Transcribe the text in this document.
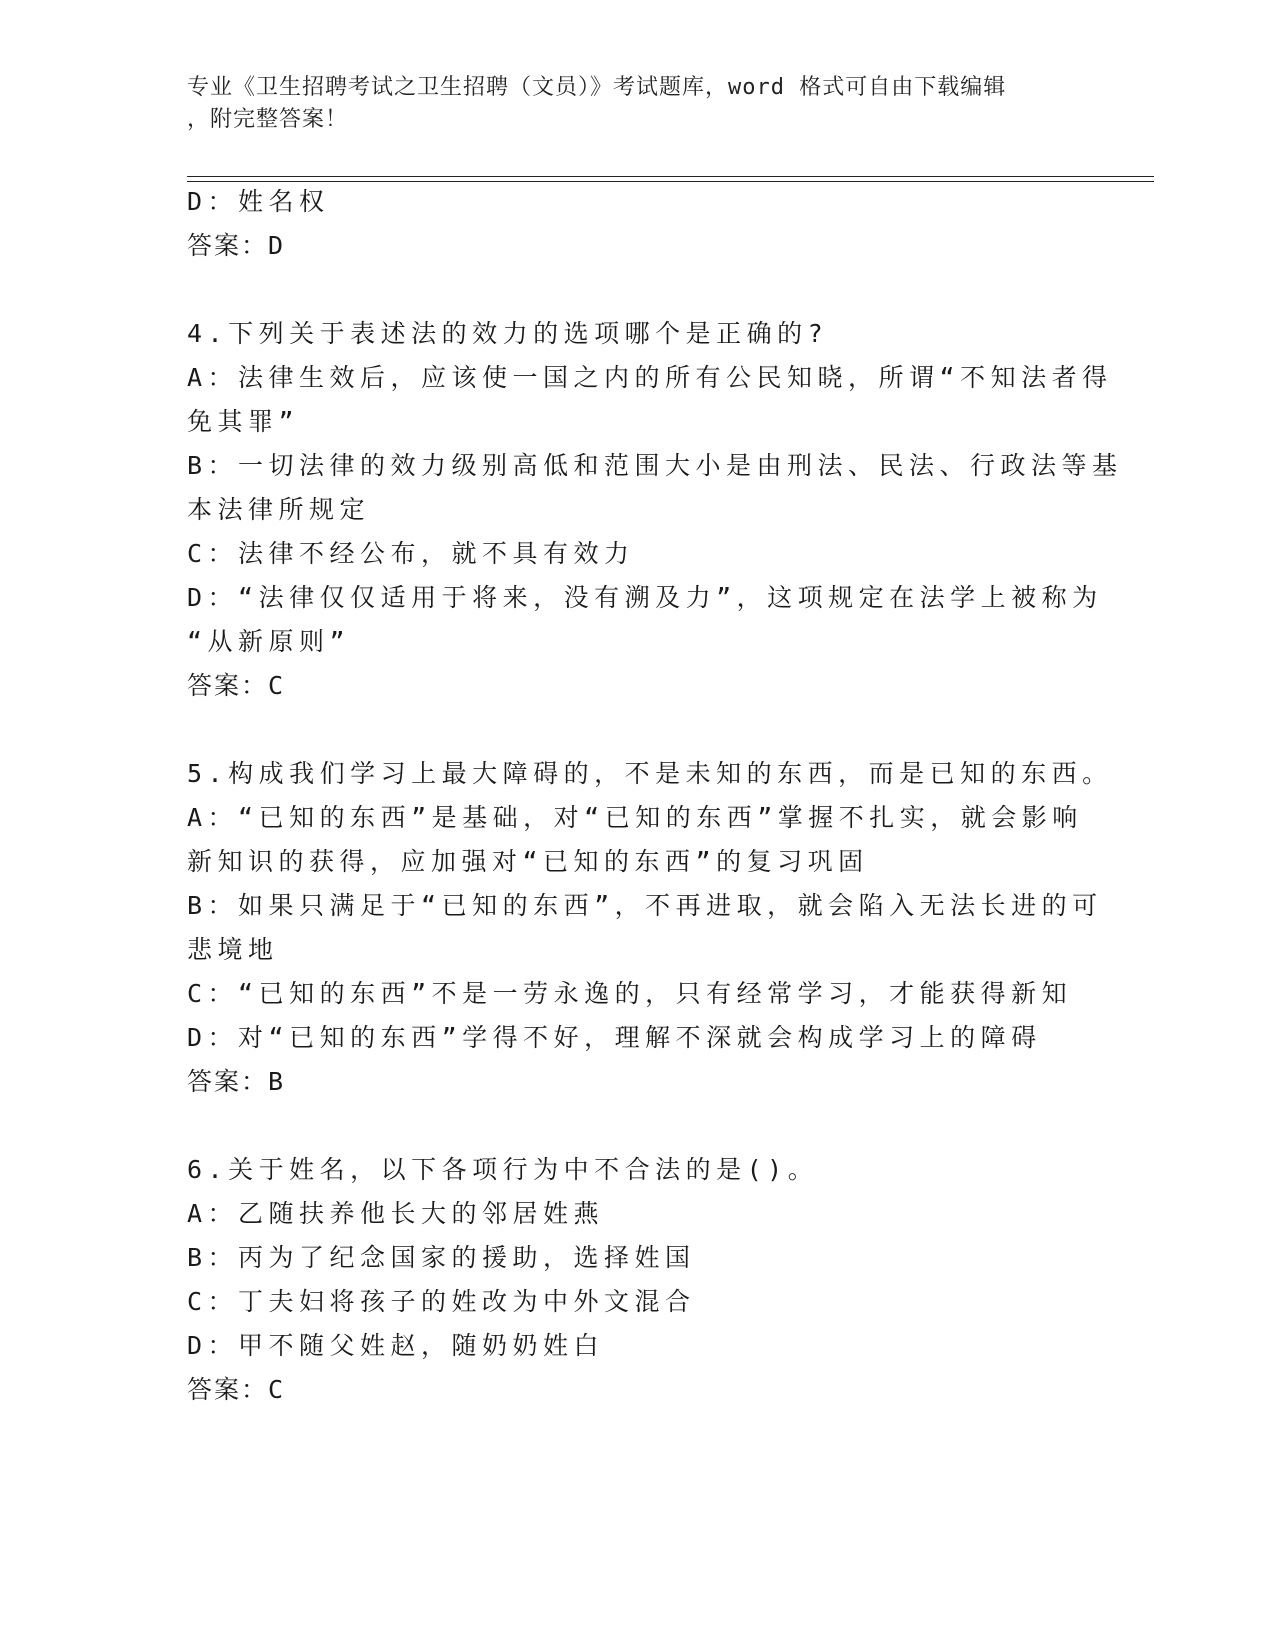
专业《卫生招聘考试之卫生招聘（文员）》考试题库，word 格式可自由下载编辑
，附完整答案！
D：姓名权
答案：D
4.下列关于表述法的效力的选项哪个是正确的?
A：法律生效后，应该使一国之内的所有公民知晓，所谓“不知法者得
免其罪”
B：一切法律的效力级别高低和范围大小是由刑法、民法、行政法等基
本法律所规定
C：法律不经公布，就不具有效力
D：“法律仅仅适用于将来，没有溯及力”，这项规定在法学上被称为
“从新原则”
答案：C
5.构成我们学习上最大障碍的，不是未知的东西，而是已知的东西。
A：“已知的东西”是基础，对“已知的东西”掌握不扎实，就会影响
新知识的获得，应加强对“已知的东西”的复习巩固
B：如果只满足于“已知的东西”，不再进取，就会陷入无法长进的可
悲境地
C：“已知的东西”不是一劳永逸的，只有经常学习，才能获得新知
D：对“已知的东西”学得不好，理解不深就会构成学习上的障碍
答案：B
6.关于姓名，以下各项行为中不合法的是()。
A：乙随扶养他长大的邻居姓燕
B：丙为了纪念国家的援助，选择姓国
C：丁夫妇将孩子的姓改为中外文混合
D：甲不随父姓赵，随奶奶姓白
答案：C
